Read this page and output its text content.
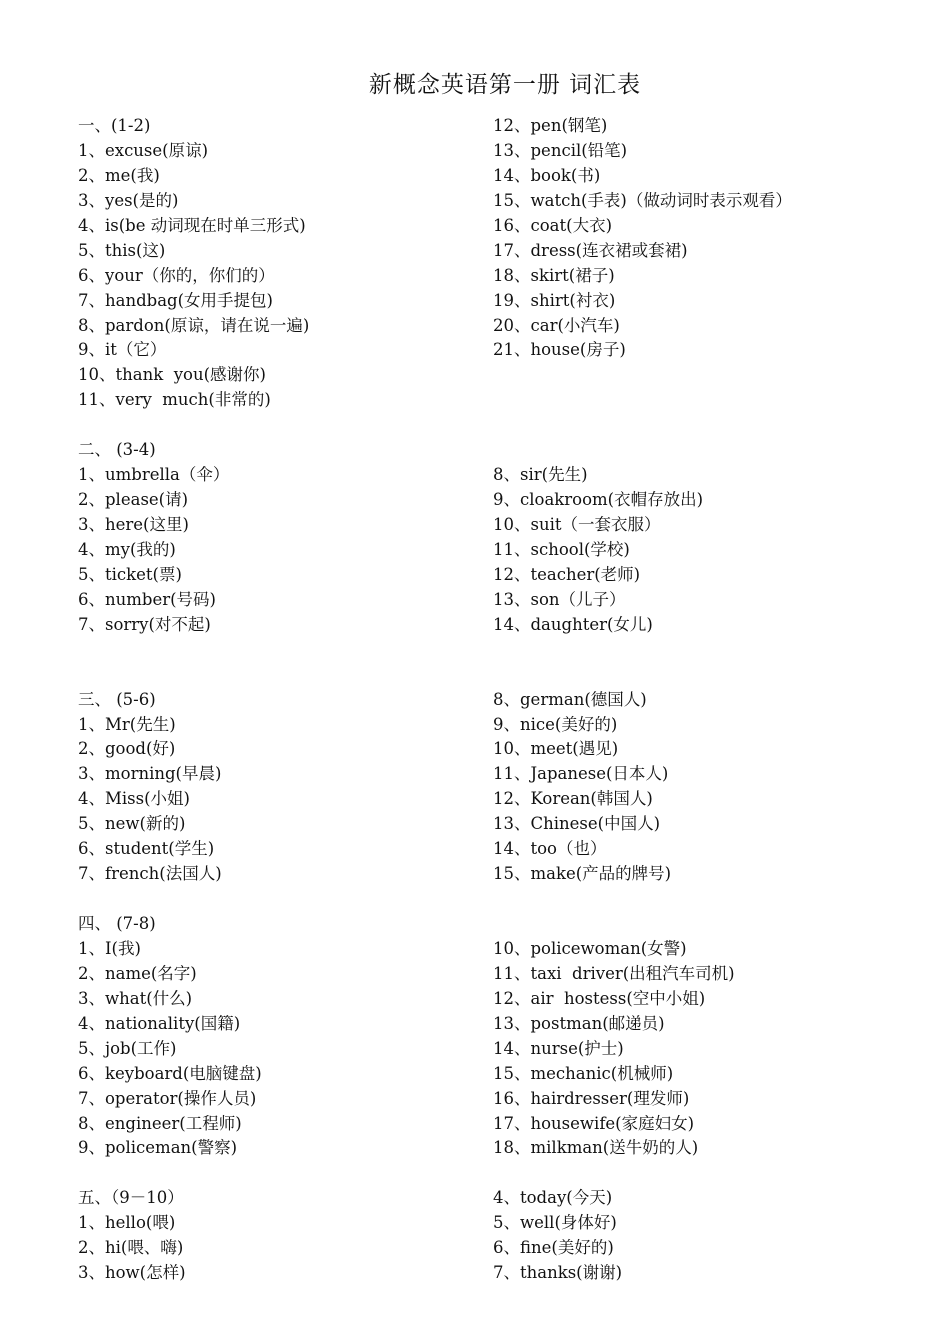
新概念英语第一册 词汇表
一、(1-2)
1、excuse(原谅)
2、me(我)
3、yes(是的)
4、is(be 动词现在时单三形式)
5、this(这)
6、your（你的，你们的）
7、handbag(女用手提包)
8、pardon(原谅，请在说一遍)
9、it（它）
10、thank  you(感谢你)
11、very  much(非常的)
二、 (3-4)
1、umbrella（伞）
2、please(请)
3、here(这里)
4、my(我的)
5、ticket(票)
6、number(号码)
7、sorry(对不起)
三、 (5-6)
1、Mr(先生)
2、good(好)
3、morning(早晨)
4、Miss(小姐)
5、new(新的)
6、student(学生)
7、french(法国人)
四、 (7-8)
1、I(我)
2、name(名字)
3、what(什么)
4、nationality(国籍)
5、job(工作)
6、keyboard(电脑键盘)
7、operator(操作人员)
8、engineer(工程师)
9、policeman(警察)
五、（9－10）
1、hello(喂)
2、hi(喂、嗨)
3、how(怎样)
12、pen(钢笔)
13、pencil(铅笔)
14、book(书)
15、watch(手表)（做动词时表示观看）
16、coat(大衣)
17、dress(连衣裙或套裙)
18、skirt(裙子)
19、shirt(衬衣)
20、car(小汽车)
21、house(房子)
8、sir(先生)
9、cloakroom(衣帽存放出)
10、suit（一套衣服）
11、school(学校)
12、teacher(老师)
13、son（儿子）
14、daughter(女儿)
8、german(德国人)
9、nice(美好的)
10、meet(遇见)
11、Japanese(日本人)
12、Korean(韩国人)
13、Chinese(中国人)
14、too（也）
15、make(产品的牌号)
10、policewoman(女警)
11、taxi  driver(出租汽车司机)
12、air  hostess(空中小姐)
13、postman(邮递员)
14、nurse(护士)
15、mechanic(机械师)
16、hairdresser(理发师)
17、housewife(家庭妇女)
18、milkman(送牛奶的人)
4、today(今天)
5、well(身体好)
6、fine(美好的)
7、thanks(谢谢)
